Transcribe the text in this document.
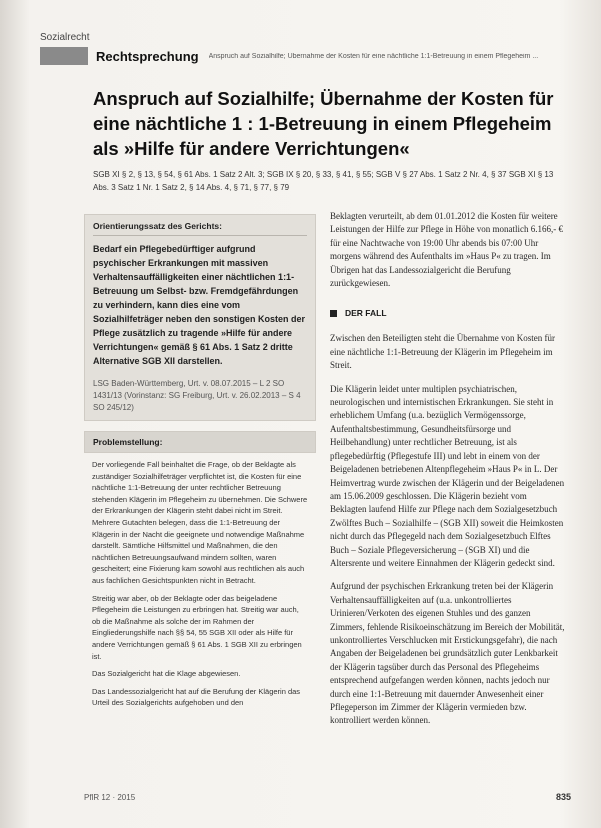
Sozialrecht
Rechtsprechung Anspruch auf Sozialhilfe; Übernahme der Kosten für eine nächtliche 1:1-Betreuung in einem Pflegeheim ...
Anspruch auf Sozialhilfe; Übernahme der Kosten für eine nächtliche 1 : 1-Betreuung in einem Pflegeheim als »Hilfe für andere Verrichtungen«
SGB XI § 2, § 13, § 54, § 61 Abs. 1 Satz 2 Alt. 3; SGB IX § 20, § 33, § 41, § 55; SGB V § 27 Abs. 1 Satz 2 Nr. 4, § 37 SGB XI § 13 Abs. 3 Satz 1 Nr. 1 Satz 2, § 14 Abs. 4, § 71, § 77, § 79
Orientierungssatz des Gerichts:
Bedarf ein Pflegebedürftiger aufgrund psychischer Erkrankungen mit massiven Verhaltensauffälligkeiten einer nächtlichen 1:1-Betreuung um Selbst- bzw. Fremdgefährdungen zu verhindern, kann dies eine vom Sozialhilfeträger neben den sonstigen Kosten der Pflege zusätzlich zu tragende »Hilfe für andere Verrichtungen« gemäß § 61 Abs. 1 Satz 2 dritte Alternative SGB XII darstellen.
LSG Baden-Württemberg, Urt. v. 08.07.2015 – L 2 SO 1431/13 (Vorinstanz: SG Freiburg, Urt. v. 26.02.2013 – S 4 SO 245/12)
Problemstellung:

Der vorliegende Fall beinhaltet die Frage, ob der Beklagte als zuständiger Sozialhilfeträger verpflichtet ist, die Kosten für eine nächtliche 1:1-Betreuung der unter rechtlicher Betreuung stehenden Klägerin im Pflegeheim zu übernehmen. Die Schwere der Erkrankungen der Klägerin steht dabei nicht im Streit. Mehrere Gutachten belegen, dass die 1:1-Betreuung der Klägerin in der Nacht die geeignete und notwendige Maßnahme darstellt. Sämtliche Hilfsmittel und Maßnahmen, die den nächtlichen Betreuungsaufwand mindern sollten, waren gescheitert; eine Fixierung kam sowohl aus rechtlichen als auch aus fachlichen Gesichtspunkten nicht in Betracht.

Streitig war aber, ob der Beklagte oder das beigeladene Pflegeheim die Leistungen zu erbringen hat. Streitig war auch, ob die Maßnahme als solche der im Rahmen der Eingliederungshilfe nach §§ 54, 55 SGB XII oder als Hilfe für andere Verrichtungen gemäß § 61 Abs. 1 SGB XII zu erbringen ist.

Das Sozialgericht hat die Klage abgewiesen.

Das Landessozialgericht hat auf die Berufung der Klägerin das Urteil des Sozialgerichts aufgehoben und den

Beklagten verurteilt, ab dem 01.01.2012 die Kosten für weitere Leistungen der Hilfe zur Pflege in Höhe von monatlich 6.166,- € für eine Nachtwache von 19:00 Uhr abends bis 07:00 Uhr morgens während des Aufenthalts im »Haus P« zu tragen. Im Übrigen hat das Landessozialgericht die Berufung zurückgewiesen.

DER FALL

Zwischen den Beteiligten steht die Übernahme von Kosten für eine nächtliche 1:1-Betreuung der Klägerin im Pflegeheim im Streit.

Die Klägerin leidet unter multiplen psychiatrischen, neurologischen und internistischen Erkrankungen. Sie steht in erheblichem Umfang (u.a. bezüglich Vermögenssorge, Aufenthaltsbestimmung, Gesundheitsfürsorge und Heilbehandlung) unter rechtlicher Betreuung, ist als pflegebedürftig (Pflegestufe III) und lebt in einem von der Beigeladenen betriebenen Altenpflegeheim »Haus P« in L. Der Heimvertrag wurde zwischen der Klägerin und der Beigeladenen am 15.06.2009 geschlossen. Die Klägerin bezieht vom Beklagten laufend Hilfe zur Pflege nach dem Sozialgesetzbuch Zwölftes Buch – Sozialhilfe – (SGB XII) soweit die Heimkosten nicht durch das Pflegegeld nach dem Sozialgesetzbuch Elftes Buch – Soziale Pflegeversicherung – (SGB XI) und die Altersrente und weitere Einnahmen der Klägerin gedeckt sind.

Aufgrund der psychischen Erkrankung treten bei der Klägerin Verhaltensauffälligkeiten auf (u.a. unkontrolliertes Urinieren/Verkoten des eigenen Stuhles und des ganzen Zimmers, fehlende Risikoeinschätzung im Bereich der Mobilität, unkontrolliertes Verschlucken mit Erstickungsgefahr), die nach Angaben der Beigeladenen bei grundsätzlich guter Lenkbarkeit der Klägerin tagsüber durch das Personal des Pflegeheims entsprechend aufgefangen werden können, nachts jedoch nur durch eine 1:1-Betreuung mit dauernder Anwesenheit einer Pflegeperson im Zimmer der Klägerin vermieden bzw. kontrolliert werden können.

PflR 12 · 2015	835
